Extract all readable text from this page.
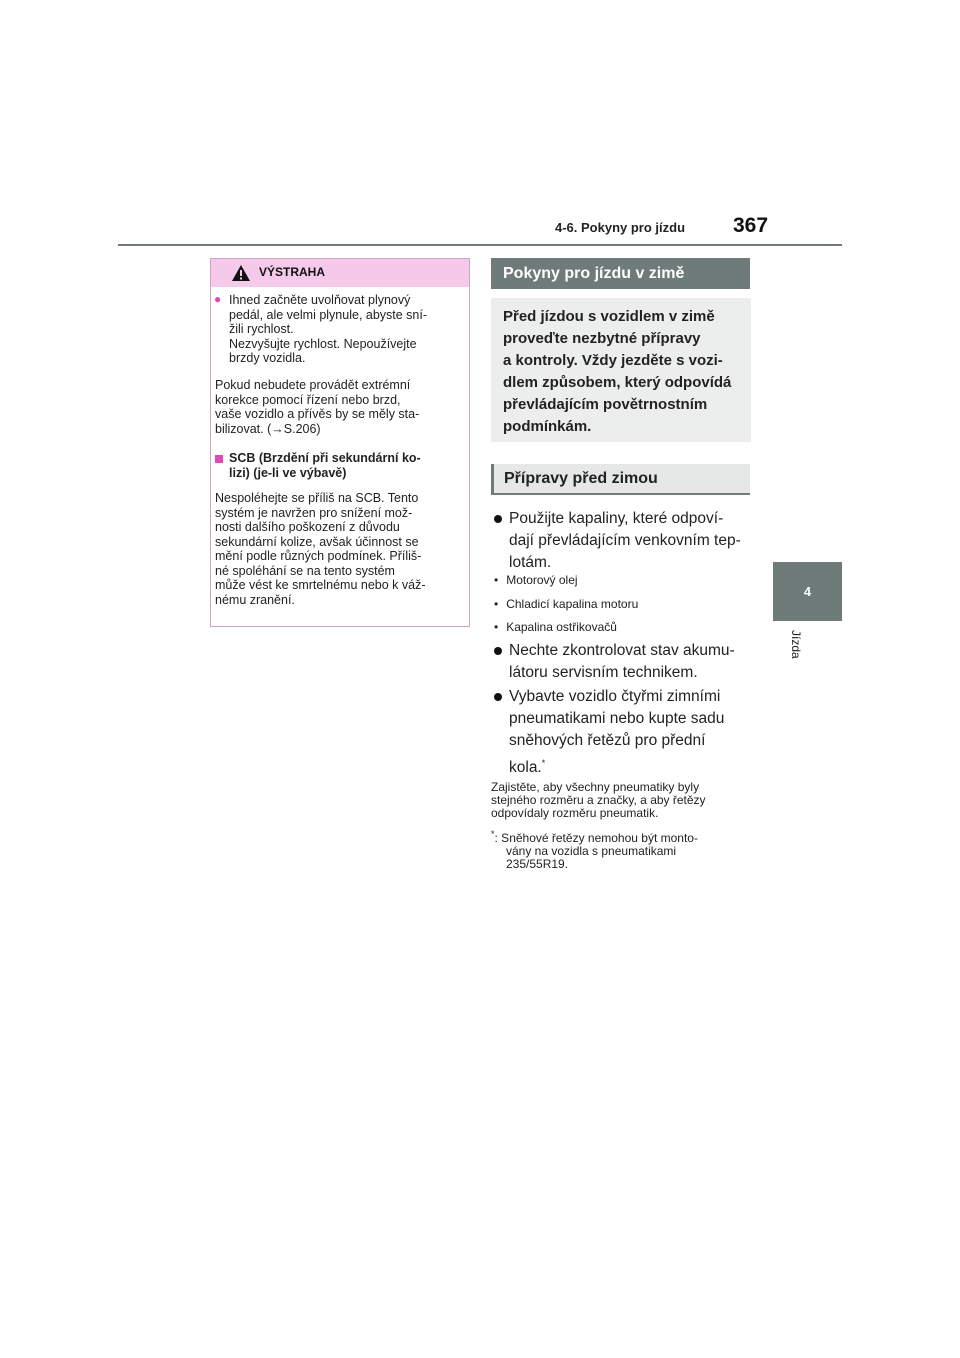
4-6. Pokyny pro jízdu 367
4
Jízda
VÝSTRAHA
● Ihned začněte uvolňovat plynový
pedál, ale velmi plynule, abyste sní-
žili rychlost.
Nezvyšujte rychlost. Nepoužívejte
brzdy vozidla.
Pokud nebudete provádět extrémní
korekce pomocí řízení nebo brzd,
vaše vozidlo a přívěs by se měly sta-
bilizovat. (→S.206)
SCB (Brzdění při sekundární ko-
lizi) (je-li ve výbavě)
Nespoléhejte se příliš na SCB. Tento
systém je navržen pro snížení mož-
nosti dalšího poškození z důvodu
sekundární kolize, avšak účinnost se
mění podle různých podmínek. Příliš-
né spoléhání se na tento systém
může vést ke smrtelnému nebo k váž-
nému zranění.
Pokyny pro jízdu v zimě
Před jízdou s vozidlem v zimě
proveďte nezbytné přípravy
a kontroly. Vždy jezděte s vozi-
dlem způsobem, který odpovídá
převládajícím povětrnostním
podmínkám.
Přípravy před zimou
Použijte kapaliny, které odpoví-
dají převládajícím venkovním tep-
lotám.
• Motorový olej
• Chladicí kapalina motoru
• Kapalina ostřikovačů
Nechte zkontrolovat stav akumu-
látoru servisním technikem.
Vybavte vozidlo čtyřmi zimními
pneumatikami nebo kupte sadu
sněhových řetězů pro přední
kola.*
Zajistěte, aby všechny pneumatiky byly
stejného rozměru a značky, a aby řetězy
odpovídaly rozměru pneumatik.
*: Sněhové řetězy nemohou být monto-
vány na vozidla s pneumatikami
235/55R19.
